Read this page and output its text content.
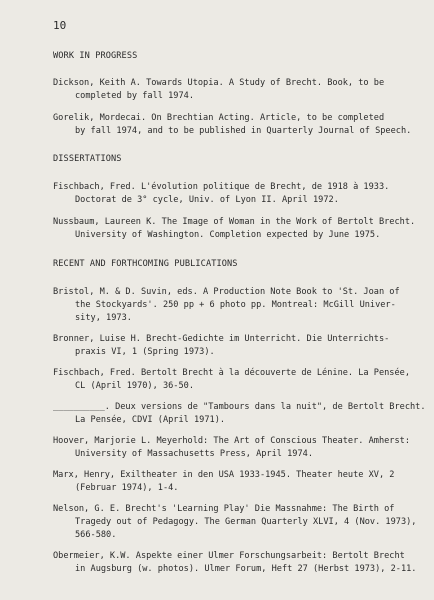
10
WORK IN PROGRESS

Dickson, Keith A. Towards Utopia. A Study of Brecht. Book, to be
completed by fall 1974.

Gorelik, Mordecai. On Brechtian Acting. Article, to be completed
by fall 1974, and to be published in Quarterly Journal of Speech.

DISSERTATIONS

Fischbach, Fred. L'évolution politique de Brecht, de 1918 à 1933.
Doctorat de 3° cycle, Univ. of Lyon II. April 1972.

Nussbaum, Laureen K. The Image of Woman in the Work of Bertolt Brecht.
University of Washington. Completion expected by June 1975.

RECENT AND FORTHCOMING PUBLICATIONS

Bristol, M. & D. Suvin, eds. A Production Note Book to 'St. Joan of
the Stockyards'. 250 pp + 6 photo pp. Montreal: McGill Univer-
sity, 1973.

Bronner, Luise H. Brecht-Gedichte im Unterricht. Die Unterrichts-
praxis VI, 1 (Spring 1973).

Fischbach, Fred. Bertolt Brecht à la découverte de Lénine. La Pensée,
CL (April 1970), 36-50.

__________. Deux versions de "Tambours dans la nuit", de Bertolt Brecht.
La Pensée, CDVI (April 1971).

Hoover, Marjorie L. Meyerhold: The Art of Conscious Theater. Amherst:
University of Massachusetts Press, April 1974.

Marx, Henry, Exiltheater in den USA 1933-1945. Theater heute XV, 2
(Februar 1974), 1-4.

Nelson, G. E. Brecht's 'Learning Play' Die Massnahme: The Birth of
Tragedy out of Pedagogy. The German Quarterly XLVI, 4 (Nov. 1973),
566-580.

Obermeier, K.W. Aspekte einer Ulmer Forschungsarbeit: Bertolt Brecht
in Augsburg (w. photos). Ulmer Forum, Heft 27 (Herbst 1973), 2-11.
